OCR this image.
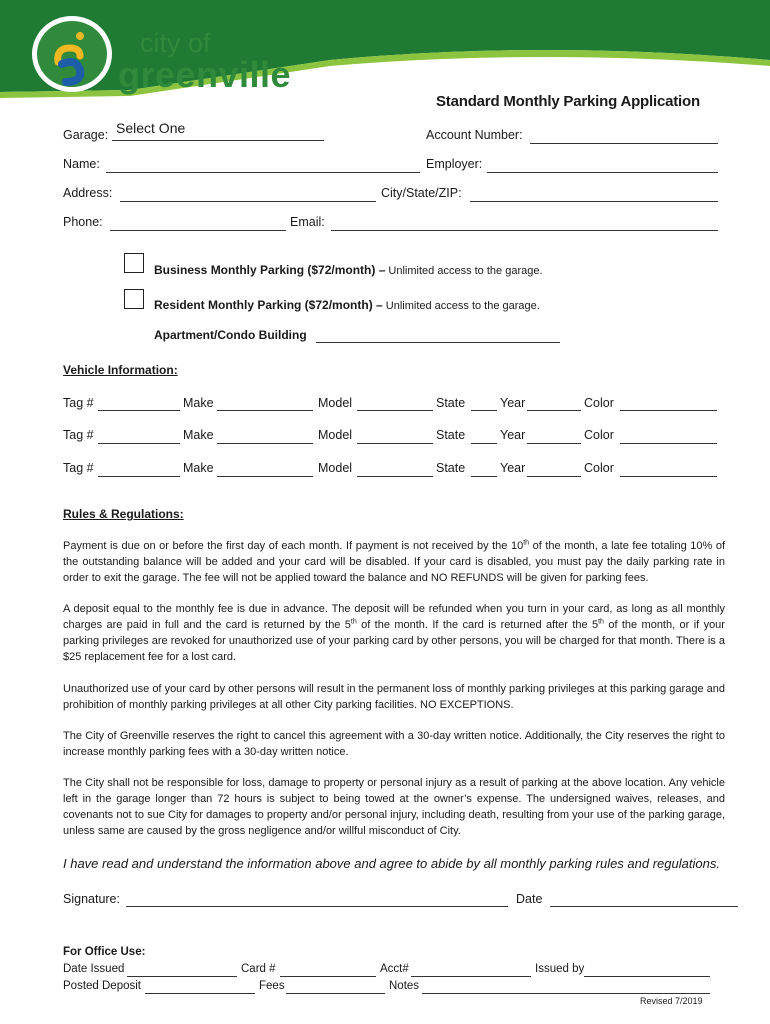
city of
greenville
Standard Monthly Parking Application
Garage: Select One	Account Number:
Name:	Employer:
Address:	City/State/ZIP:
Phone:	Email:
Business Monthly Parking ($72/month) – Unlimited access to the garage.
Resident Monthly Parking ($72/month) – Unlimited access to the garage.
Apartment/Condo Building
Vehicle Information:
Tag #	Make	Model	State	Year	Color
Tag #	Make	Model	State	Year	Color
Tag #	Make	Model	State	Year	Color
Rules & Regulations:

Payment is due on or before the first day of each month. If payment is not received by the 10th of the month, a late fee totaling 10% of the outstanding balance will be added and your card will be disabled. If your card is disabled, you must pay the daily parking rate in order to exit the garage. The fee will not be applied toward the balance and NO REFUNDS will be given for parking fees.

A deposit equal to the monthly fee is due in advance. The deposit will be refunded when you turn in your card, as long as all monthly charges are paid in full and the card is returned by the 5th of the month. If the card is returned after the 5th of the month, or if your parking privileges are revoked for unauthorized use of your parking card by other persons, you will be charged for that month. There is a $25 replacement fee for a lost card.

Unauthorized use of your card by other persons will result in the permanent loss of monthly parking privileges at this parking garage and prohibition of monthly parking privileges at all other City parking facilities. NO EXCEPTIONS.

The City of Greenville reserves the right to cancel this agreement with a 30-day written notice. Additionally, the City reserves the right to increase monthly parking fees with a 30-day written notice.

The City shall not be responsible for loss, damage to property or personal injury as a result of parking at the above location. Any vehicle left in the garage longer than 72 hours is subject to being towed at the owner’s expense. The undersigned waives, releases, and covenants not to sue City for damages to property and/or personal injury, including death, resulting from your use of the parking garage, unless same are caused by the gross negligence and/or willful misconduct of City.

I have read and understand the information above and agree to abide by all monthly parking rules and regulations.
Signature:	Date
For Office Use:
Date Issued	Card #	Acct#	Issued by
Posted Deposit	Fees	Notes
Revised 7/2019
